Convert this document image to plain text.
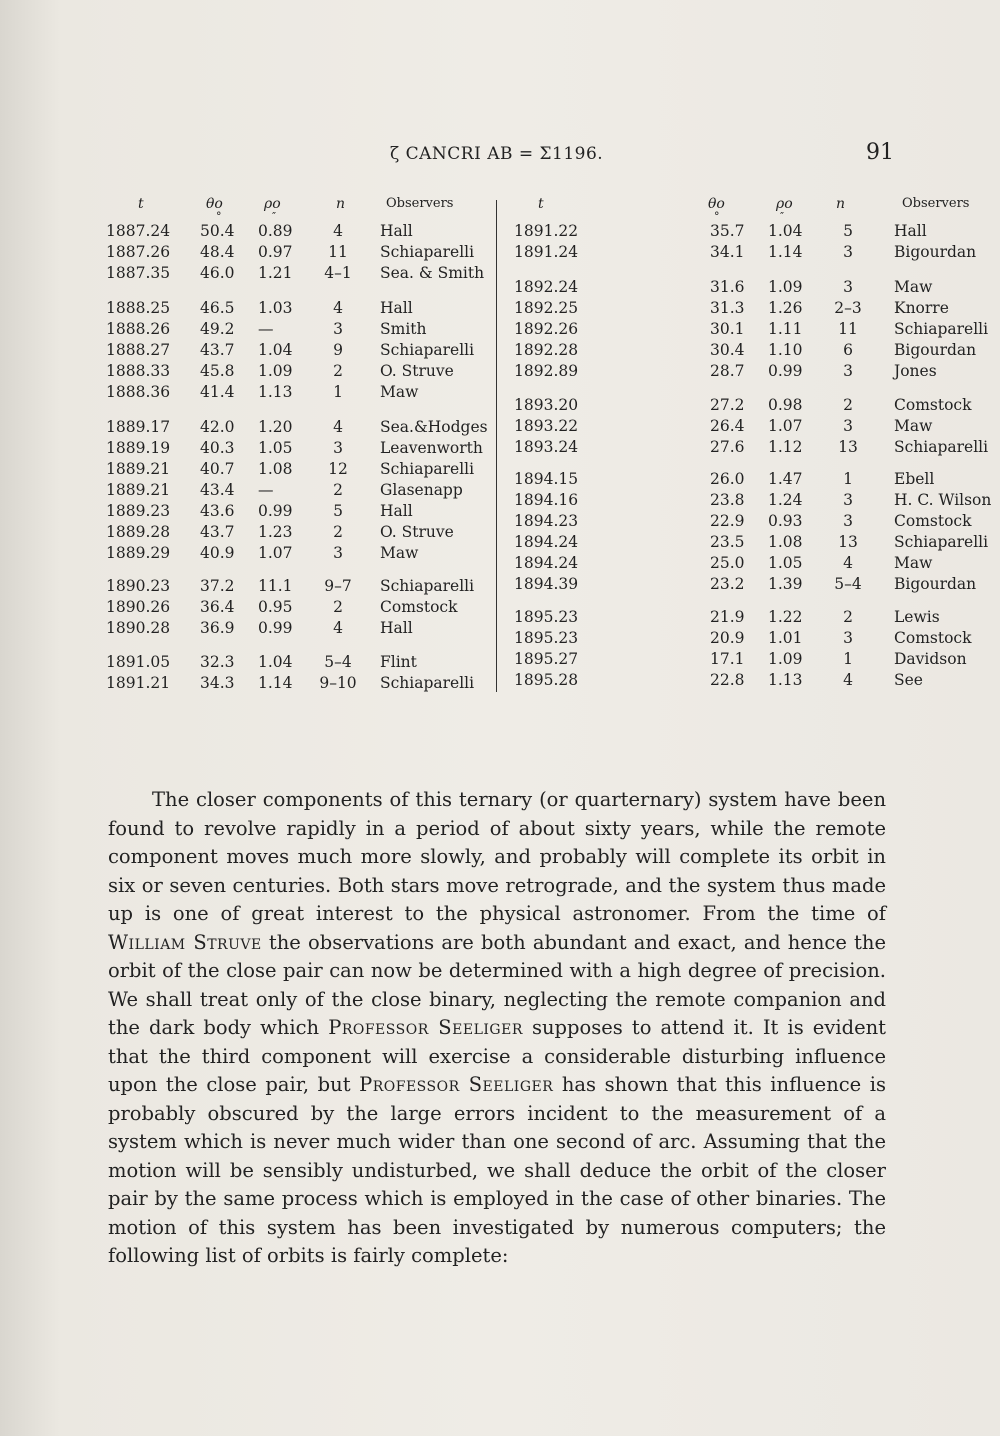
ζ CANCRI AB = Σ1196.	91
t	θo	ρo	n	Observers
°	″
1887.24 50.4 0.89	4 Hall
1887.26 48.4 0.97 11 Schiaparelli
1887.35 46.0 1.21 4–1 Sea. & Smith
1888.25 46.5 1.03	4 Hall
1888.26 49.2 —	3 Smith
1888.27 43.7 1.04	9 Schiaparelli
1888.33 45.8 1.09	2 O. Struve
1888.36 41.4 1.13	1 Maw
1889.17 42.0 1.20	4 Sea.&Hodges
1889.19 40.3 1.05	3 Leavenworth
1889.21 40.7 1.08 12 Schiaparelli
1889.21 43.4 —	2 Glasenapp
1889.23 43.6 0.99	5 Hall
1889.28 43.7 1.23	2 O. Struve
1889.29 40.9 1.07	3 Maw
1890.23 37.2 11.1 9–7 Schiaparelli
1890.26 36.4 0.95	2 Comstock
1890.28 36.9 0.99	4 Hall
1891.05 32.3 1.04 5–4 Flint
1891.21 34.3 1.14 9–10 Schiaparelli
t	θo	ρo	n	Observers
°	″
1891.22	35.7 1.04	5	Hall
1891.24	34.1 1.14	3	Bigourdan
1892.24	31.6 1.09	3	Maw
1892.25	31.3 1.26 2–3 Knorre
1892.26	30.1 1.11 11 Schiaparelli
1892.28	30.4 1.10	6	Bigourdan
1892.89	28.7 0.99	3	Jones
1893.20	27.2 0.98	2	Comstock
1893.22	26.4 1.07	3	Maw
1893.24	27.6 1.12 13 Schiaparelli
1894.15	26.0 1.47	1	Ebell
1894.16	23.8 1.24	3	H. C. Wilson
1894.23	22.9 0.93	3	Comstock
1894.24	23.5 1.08 13 Schiaparelli
1894.24	25.0 1.05	4	Maw
1894.39	23.2 1.39 5–4 Bigourdan
1895.23	21.9 1.22	2	Lewis
1895.23	20.9 1.01	3	Comstock
1895.27	17.1 1.09	1	Davidson
1895.28	22.8 1.13	4	See

The closer components of this ternary (or quarternary) system have been found to revolve rapidly in a period of about sixty years, while the remote component moves much more slowly, and probably will complete its orbit in six or seven centuries. Both stars move retrograde, and the system thus made up is one of great interest to the physical astronomer. From the time of William Struve the observations are both abundant and exact, and hence the orbit of the close pair can now be determined with a high degree of precision. We shall treat only of the close binary, neglecting the remote companion and the dark body which Professor Seeliger supposes to attend it. It is evident that the third component will exercise a considerable disturbing influence upon the close pair, but Professor Seeliger has shown that this influence is probably obscured by the large errors incident to the measurement of a system which is never much wider than one second of arc. Assuming that the motion will be sensibly undisturbed, we shall deduce the orbit of the closer pair by the same process which is employed in the case of other binaries. The motion of this system has been investigated by numerous computers; the following list of orbits is fairly complete:
